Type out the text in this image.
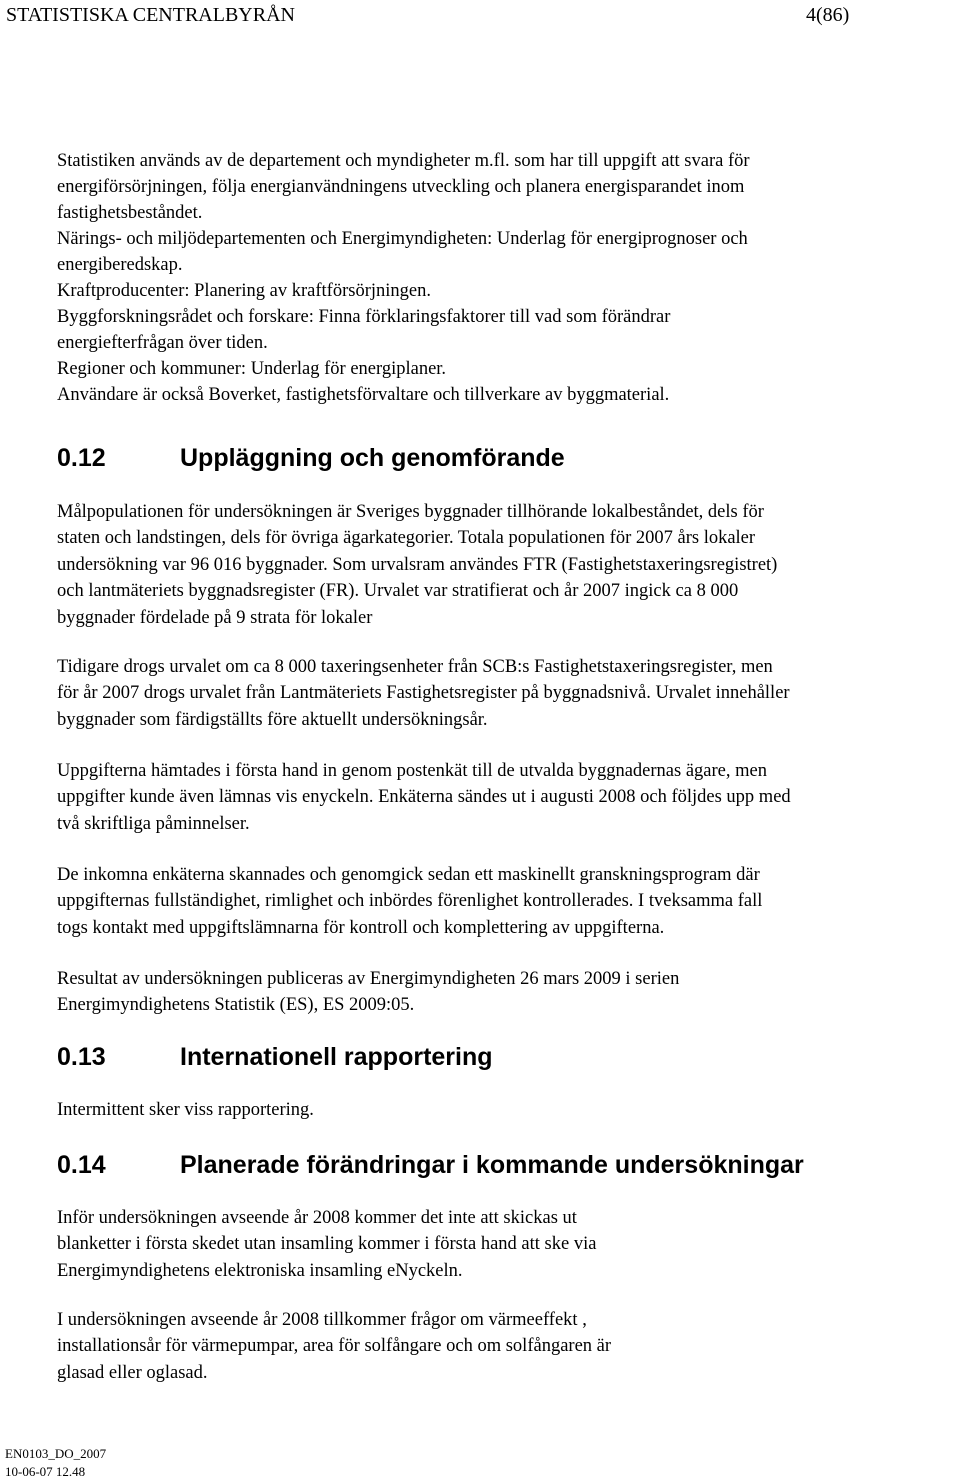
STATISTISKA CENTRALBYRÅN	4(86)
Statistiken används av de departement och myndigheter m.fl. som har till uppgift att svara för
energiförsörjningen, följa energianvändningens utveckling och planera energisparandet inom
fastighetsbeståndet.
Närings- och miljödepartementen och Energimyndigheten: Underlag för energiprognoser och
energiberedskap.
Kraftproducenter: Planering av kraftförsörjningen.
Byggforskningsrådet och forskare: Finna förklaringsfaktorer till vad som förändrar
energiefterfrågan över tiden.
Regioner och kommuner: Underlag för energiplaner.
Användare är också Boverket, fastighetsförvaltare och tillverkare av byggmaterial.
0.12	Uppläggning och genomförande
Målpopulationen för undersökningen är Sveriges byggnader tillhörande lokalbeståndet, dels för
staten och landstingen, dels för övriga ägarkategorier. Totala populationen för 2007 års lokaler
undersökning var 96 016 byggnader. Som urvalsram användes FTR (Fastighetstaxeringsregistret)
och lantmäteriets byggnadsregister (FR). Urvalet var stratifierat och år 2007 ingick ca 8 000
byggnader fördelade på 9 strata för lokaler
Tidigare drogs urvalet om ca 8 000 taxeringsenheter från SCB:s Fastighetstaxeringsregister, men
för år 2007 drogs urvalet från Lantmäteriets Fastighetsregister på byggnadsnivå. Urvalet innehåller
byggnader som färdigställts före aktuellt undersökningsår.
Uppgifterna hämtades i första hand in genom postenkät till de utvalda byggnadernas ägare, men
uppgifter kunde även lämnas vis enyckeln. Enkäterna sändes ut i augusti 2008 och följdes upp med
två skriftliga påminnelser.
De inkomna enkäterna skannades och genomgick sedan ett maskinellt granskningsprogram där
uppgifternas fullständighet, rimlighet och inbördes förenlighet kontrollerades. I tveksamma fall
togs kontakt med uppgiftslämnarna för kontroll och komplettering av uppgifterna.
Resultat av undersökningen publiceras av Energimyndigheten 26 mars 2009 i serien
Energimyndighetens Statistik (ES), ES 2009:05.
0.13	Internationell rapportering
Intermittent sker viss rapportering.
0.14	Planerade förändringar i kommande undersökningar
Inför undersökningen avseende år 2008 kommer det inte att skickas ut
blanketter i första skedet utan insamling kommer i första hand att ske via
Energimyndighetens elektroniska insamling eNyckeln.
I undersökningen avseende år 2008 tillkommer frågor om värmeeffekt ,
installationsår för värmepumpar, area för solfångare och om solfångaren är
glasad eller oglasad.
EN0103_DO_2007
10-06-07 12.48
